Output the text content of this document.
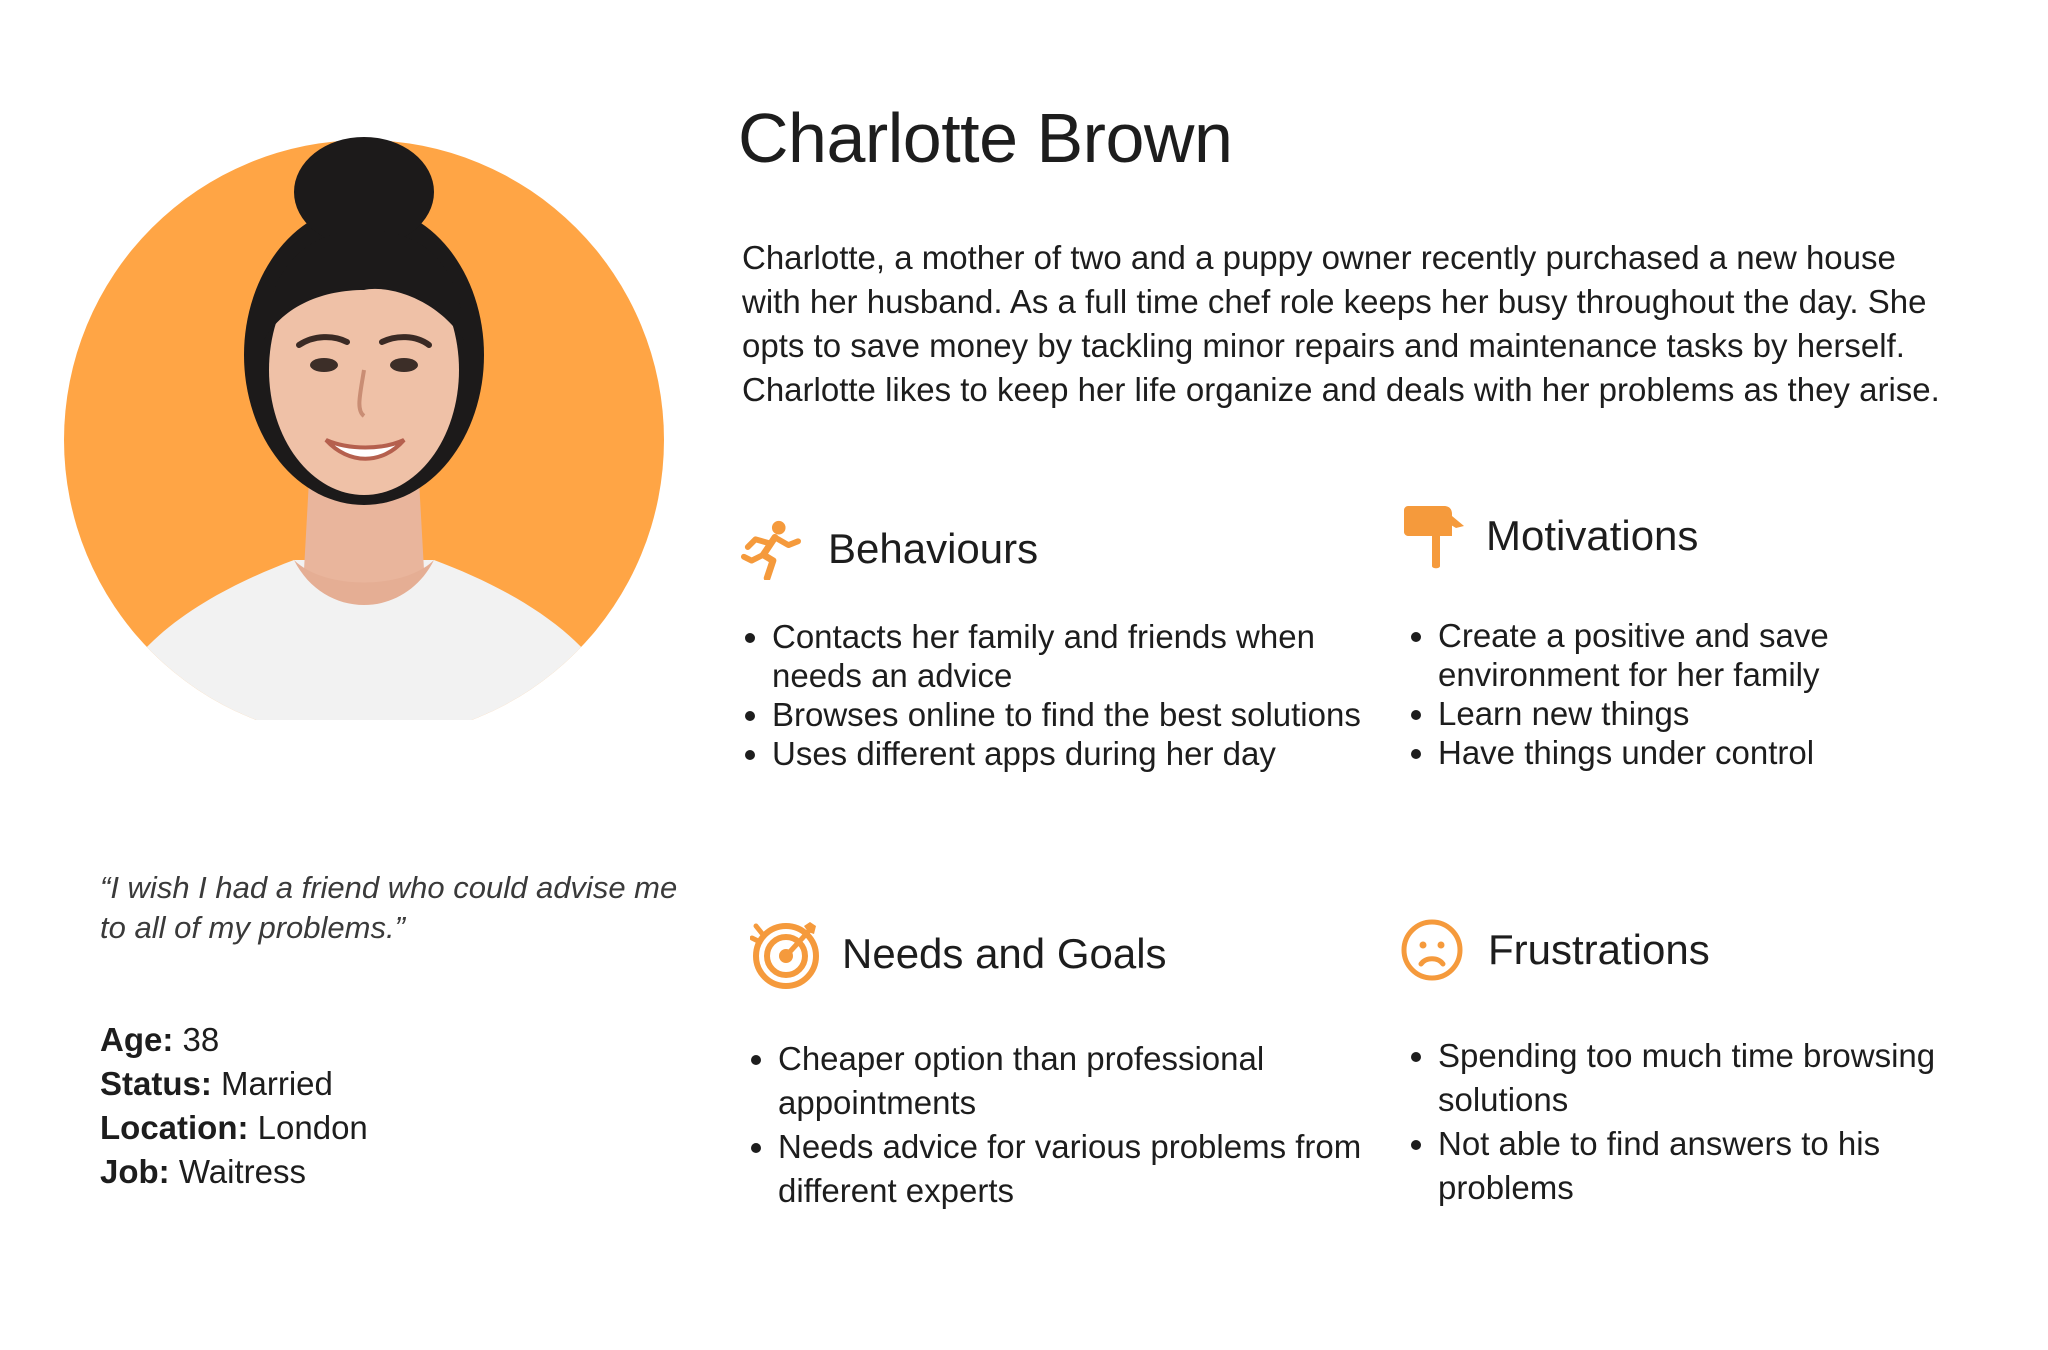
Charlotte Brown
Charlotte, a mother of two and a puppy owner recently purchased a new house with her husband. As a full time chef role keeps her busy throughout the day. She opts to save money by tackling minor repairs and maintenance tasks by herself. Charlotte likes to keep her life organize and deals with her problems as they arise.
Behaviours
• Contacts her family and friends when needs an advice
• Browses online to find the best solutions
• Uses different apps during her day
Motivations
• Create a positive and save environment for her family
• Learn new things
• Have things under control
“I wish I had a friend who could advise me to all of my problems.”
Age: 38
Status: Married
Location: London
Job: Waitress
Needs and Goals
• Cheaper option than professional appointments
• Needs advice for various problems from different experts
Frustrations
• Spending too much time browsing solutions
• Not able to find answers to his problems
